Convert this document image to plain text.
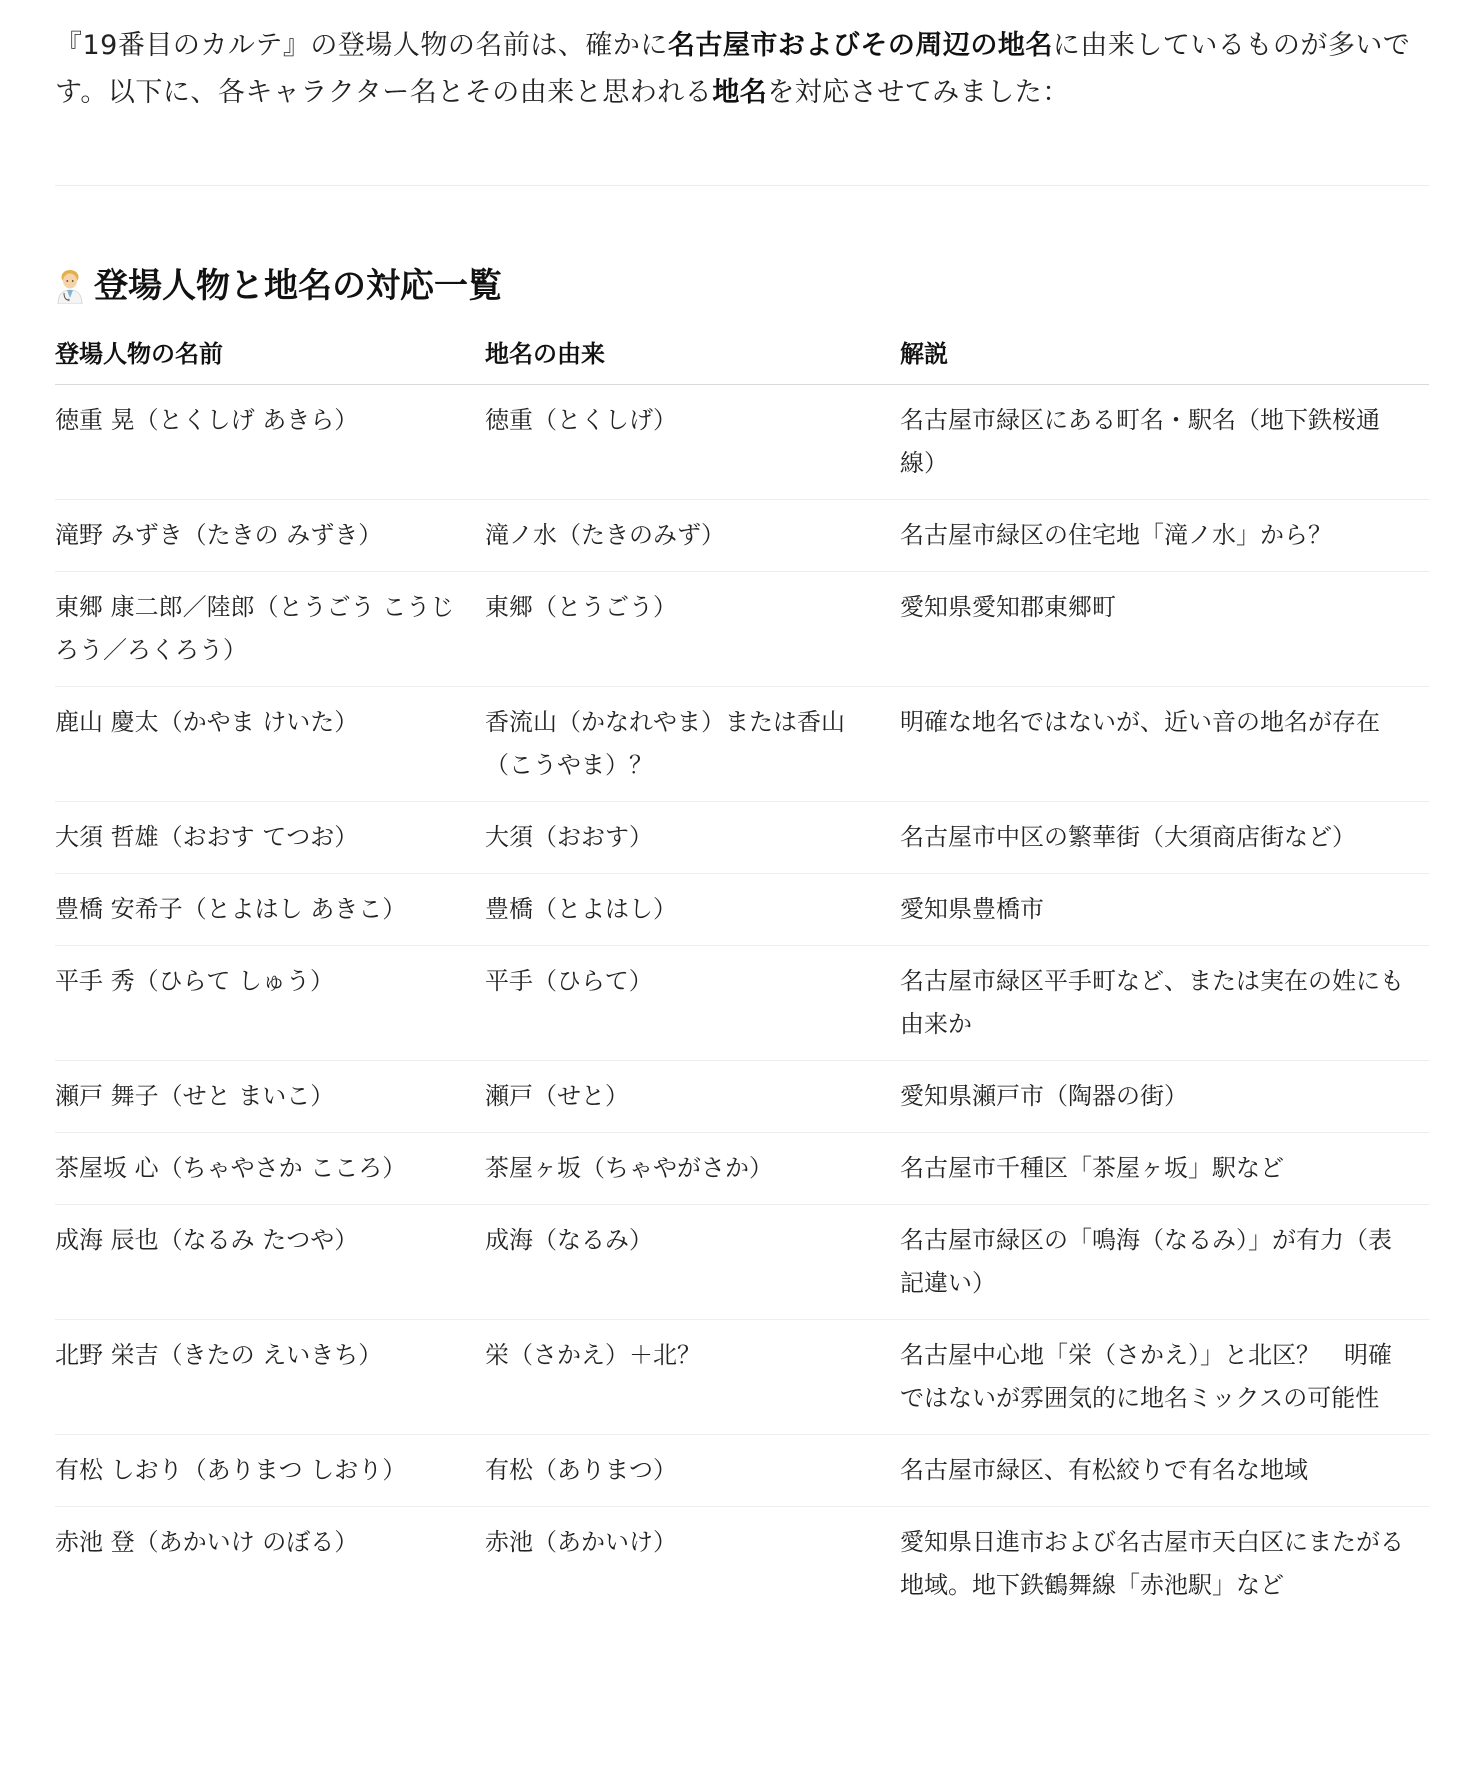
『19番目のカルテ』の登場人物の名前は、確かに名古屋市およびその周辺の地名に由来しているものが多いです。以下に、各キャラクター名とその由来と思われる地名を対応させてみました：

登場人物と地名の対応一覧
登場人物の名前	地名の由来	解説
徳重 晃（とくしげ あきら）	徳重（とくしげ）	名古屋市緑区にある町名・駅名（地下鉄桜通線）
滝野 みずき（たきの みずき）	滝ノ水（たきのみず）	名古屋市緑区の住宅地「滝ノ水」から？
東郷 康二郎／陸郎（とうごう こうじろう／ろくろう）	東郷（とうごう）	愛知県愛知郡東郷町
鹿山 慶太（かやま けいた）	香流山（かなれやま）または香山（こうやま）？	明確な地名ではないが、近い音の地名が存在
大須 哲雄（おおす てつお）	大須（おおす）	名古屋市中区の繁華街（大須商店街など）
豊橋 安希子（とよはし あきこ）	豊橋（とよはし）	愛知県豊橋市
平手 秀（ひらて しゅう）	平手（ひらて）	名古屋市緑区平手町など、または実在の姓にも由来か
瀬戸 舞子（せと まいこ）	瀬戸（せと）	愛知県瀬戸市（陶器の街）
茶屋坂 心（ちゃやさか こころ）	茶屋ヶ坂（ちゃやがさか）	名古屋市千種区「茶屋ヶ坂」駅など
成海 辰也（なるみ たつや）	成海（なるみ）	名古屋市緑区の「鳴海（なるみ）」が有力（表記違い）
北野 栄吉（きたの えいきち）	栄（さかえ）＋北？	名古屋中心地「栄（さかえ）」と北区？　明確ではないが雰囲気的に地名ミックスの可能性
有松 しおり（ありまつ しおり）	有松（ありまつ）	名古屋市緑区、有松絞りで有名な地域
赤池 登（あかいけ のぼる）	赤池（あかいけ）	愛知県日進市および名古屋市天白区にまたがる地域。地下鉄鶴舞線「赤池駅」など
